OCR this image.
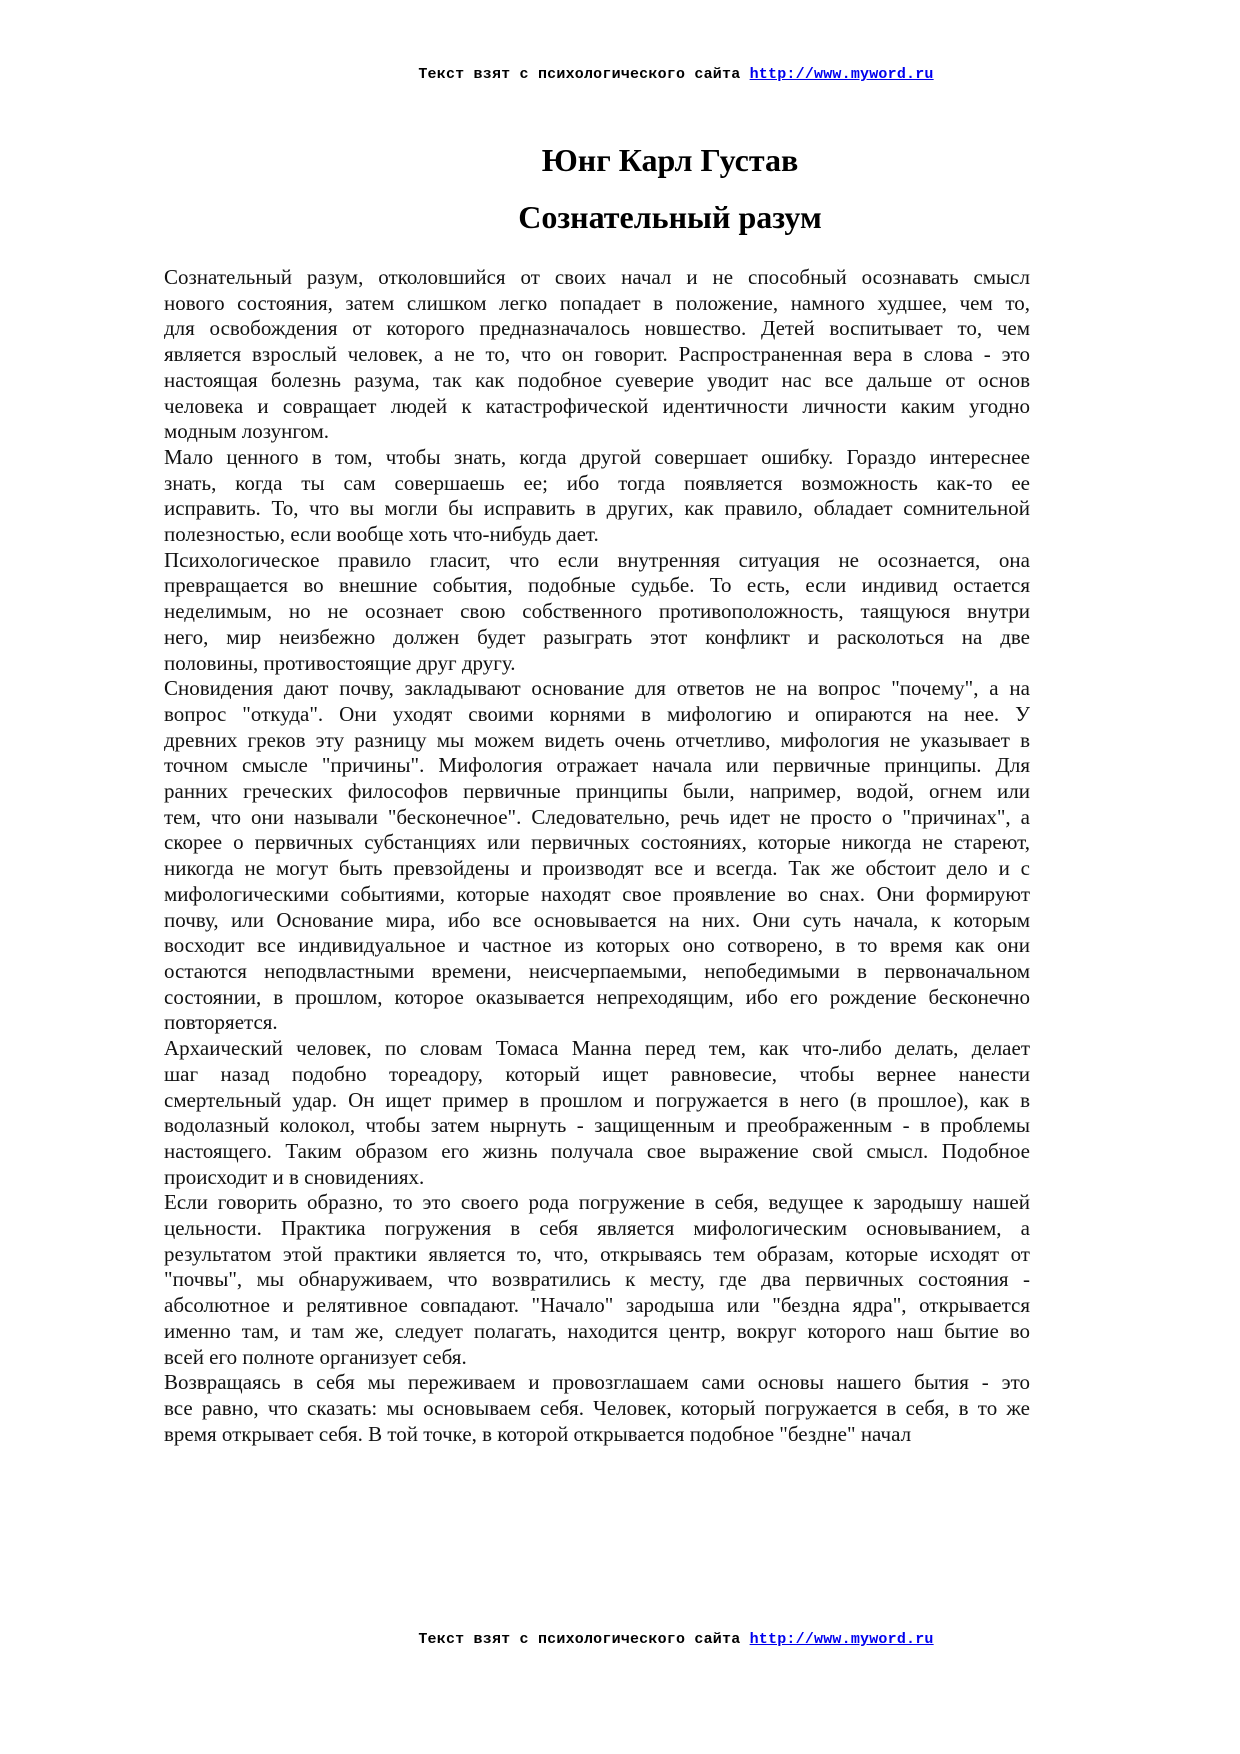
Текст взят с психологического сайта http://www.myword.ru
Юнг Карл Густав
Сознательный разум

Сознательный разум, отколовшийся от своих начал и не способный осознавать смысл
нового состояния, затем слишком легко попадает в положение, намного худшее, чем то,
для освобождения от которого предназначалось новшество. Детей воспитывает то, чем
является взрослый человек, а не то, что он говорит. Распространенная вера в слова - это
настоящая болезнь разума, так как подобное суеверие уводит нас все дальше от основ
человека и совращает людей к катастрофической идентичности личности каким угодно
модным лозунгом.

Мало ценного в том, чтобы знать, когда другой совершает ошибку. Гораздо интереснее
знать, когда ты сам совершаешь ее; ибо тогда появляется возможность как-то ее
исправить. То, что вы могли бы исправить в других, как правило, обладает сомнительной
полезностью, если вообще хоть что-нибудь дает.

Психологическое правило гласит, что если внутренняя ситуация не осознается, она
превращается во внешние события, подобные судьбе. То есть, если индивид остается
неделимым, но не осознает свою собственного противоположность, таящуюся внутри
него, мир неизбежно должен будет разыграть этот конфликт и расколоться на две
половины, противостоящие друг другу.

Сновидения дают почву, закладывают основание для ответов не на вопрос "почему", а на
вопрос "откуда". Они уходят своими корнями в мифологию и опираются на нее. У
древних греков эту разницу мы можем видеть очень отчетливо, мифология не указывает в
точном смысле "причины". Мифология отражает начала или первичные принципы. Для
ранних греческих философов первичные принципы были, например, водой, огнем или
тем, что они называли "бесконечное". Следовательно, речь идет не просто о "причинах", а
скорее о первичных субстанциях или первичных состояниях, которые никогда не стареют,
никогда не могут быть превзойдены и производят все и всегда. Так же обстоит дело и с
мифологическими событиями, которые находят свое проявление во снах. Они формируют
почву, или Основание мира, ибо все основывается на них. Они суть начала, к которым
восходит все индивидуальное и частное из которых оно сотворено, в то время как они
остаются неподвластными времени, неисчерпаемыми, непобедимыми в первоначальном
состоянии, в прошлом, которое оказывается непреходящим, ибо его рождение бесконечно
повторяется.

Архаический человек, по словам Томаса Манна перед тем, как что-либо делать, делает
шаг назад подобно тореадору, который ищет равновесие, чтобы вернее нанести
смертельный удар. Он ищет пример в прошлом и погружается в него (в прошлое), как в
водолазный колокол, чтобы затем нырнуть - защищенным и преображенным - в проблемы
настоящего. Таким образом его жизнь получала свое выражение свой смысл. Подобное
происходит и в сновидениях.

Если говорить образно, то это своего рода погружение в себя, ведущее к зародышу нашей
цельности. Практика погружения в себя является мифологическим основыванием, а
результатом этой практики является то, что, открываясь тем образам, которые исходят от
"почвы", мы обнаруживаем, что возвратились к месту, где два первичных состояния -
абсолютное и релятивное совпадают. "Начало" зародыша или "бездна ядра", открывается
именно там, и там же, следует полагать, находится центр, вокруг которого наш бытие во
всей его полноте организует себя.

Возвращаясь в себя мы переживаем и провозглашаем сами основы нашего бытия - это
все равно, что сказать: мы основываем себя. Человек, который погружается в себя, в то же
время открывает себя. В той точке, в которой открывается подобное "бездне" начал

Текст взят с психологического сайта http://www.myword.ru
